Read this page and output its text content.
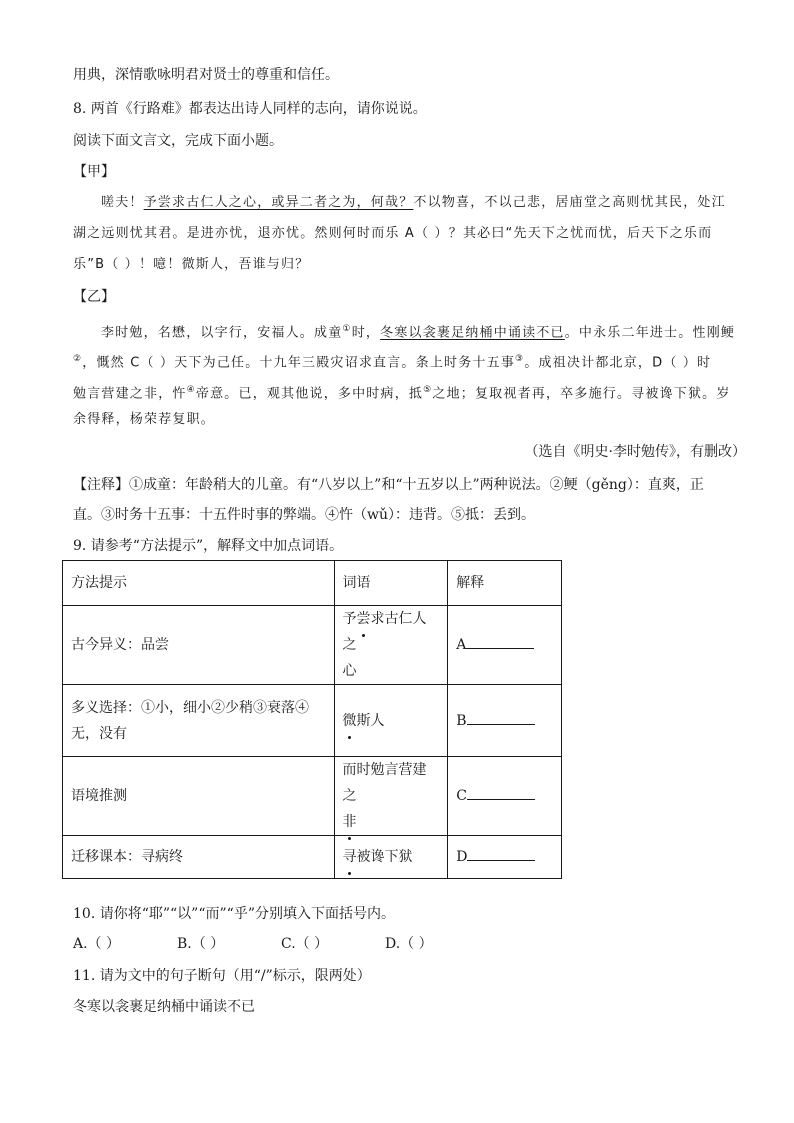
用典，深情歌咏明君对贤士的尊重和信任。
8. 两首《行路难》都表达出诗人同样的志向，请你说说。
阅读下面文言文，完成下面小题。
【甲】
嗟夫！予尝求古仁人之心，或异二者之为，何哉？不以物喜，不以己悲，居庙堂之高则忧其民，处江
湖之远则忧其君。是进亦忧，退亦忧。然则何时而乐 A（ ）？其必曰“先天下之忧而忧，后天下之乐而
乐”B（ ）！噫！微斯人，吾谁与归？
【乙】
李时勉，名懋，以字行，安福人。成童①时，冬寒以衾裹足纳桶中诵读不已。中永乐二年进士。性刚鲠
②，慨然 C（ ）天下为己任。十九年三殿灾诏求直言。条上时务十五事③。成祖决计都北京，D（ ）时
勉言营建之非，忤④帝意。已，观其他说，多中时病，抵⑤之地；复取视者再，卒多施行。寻被谗下狱。岁
余得释，杨荣荐复职。
（选自《明史·李时勉传》，有删改）
【注释】①成童：年龄稍大的儿童。有“八岁以上”和“十五岁以上”两种说法。②鲠（gěng）：直爽，正
直。③时务十五事：十五件时事的弊端。④忤（wǔ）：违背。⑤抵：丢到。
9. 请参考“方法提示”，解释文中加点词语。
方法提示	词语	解释
古今异义：品尝	予尝求古仁人之
心	A

多义选择：①小，细小②少稍③衰落④
无，没有	微斯人	B
语境推测	而时勉言营建之
非	C
迁移课本：寻病终	寻被谗下狱	D
10. 请你将“耶”“以”“而”“乎”分别填入下面括号内。
A.（ ）	B.（ ）	C.（ ）	D.（ ）
11. 请为文中的句子断句（用“/”标示，限两处）
冬寒以衾裹足纳桶中诵读不已
